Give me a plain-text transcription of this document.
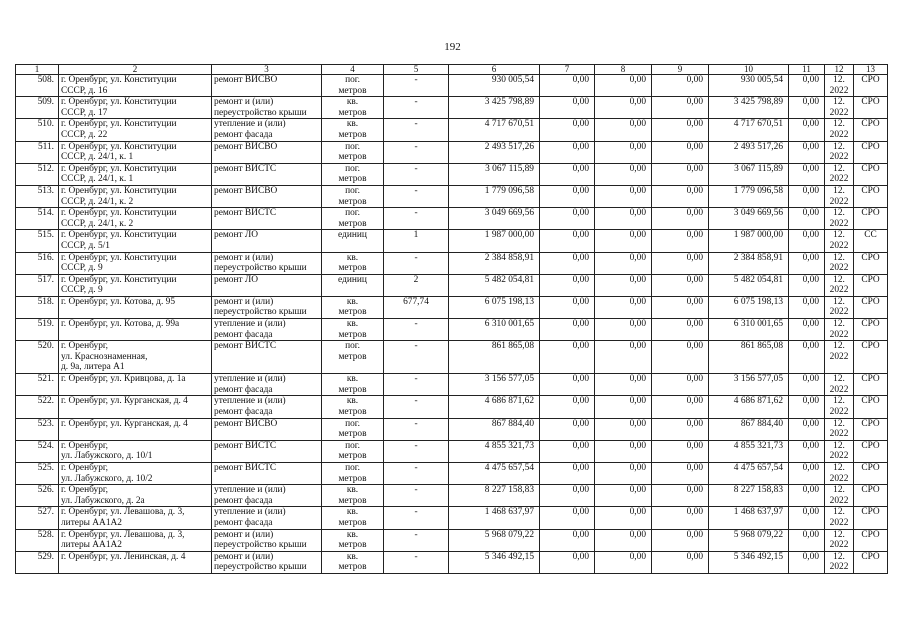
192
1	2	3	4	5	6	7	8	9	10	11	12	13
508.	г. Оренбург, ул. Конституции
СССР, д. 16	ремонт ВИСВО	пог.
метров	-	930 005,54	0,00	0,00	0,00	930 005,54	0,00	12.
2022	СРО
509.	г. Оренбург, ул. Конституции
СССР, д. 17	ремонт и (или)
переустройство крыши	кв.
метров	-	3 425 798,89	0,00	0,00	0,00	3 425 798,89	0,00	12.
2022	СРО
510.	г. Оренбург, ул. Конституции
СССР, д. 22	утепление и (или)
ремонт фасада	кв.
метров	-	4 717 670,51	0,00	0,00	0,00	4 717 670,51	0,00	12.
2022	СРО
511.	г. Оренбург, ул. Конституции
СССР, д. 24/1, к. 1	ремонт ВИСВО	пог.
метров	-	2 493 517,26	0,00	0,00	0,00	2 493 517,26	0,00	12.
2022	СРО
512.	г. Оренбург, ул. Конституции
СССР, д. 24/1, к. 1	ремонт ВИСТС	пог.
метров	-	3 067 115,89	0,00	0,00	0,00	3 067 115,89	0,00	12.
2022	СРО
513.	г. Оренбург, ул. Конституции
СССР, д. 24/1, к. 2	ремонт ВИСВО	пог.
метров	-	1 779 096,58	0,00	0,00	0,00	1 779 096,58	0,00	12.
2022	СРО
514.	г. Оренбург, ул. Конституции
СССР, д. 24/1, к. 2	ремонт ВИСТС	пог.
метров	-	3 049 669,56	0,00	0,00	0,00	3 049 669,56	0,00	12.
2022	СРО
515.	г. Оренбург, ул. Конституции
СССР, д. 5/1	ремонт ЛО	единиц	1	1 987 000,00	0,00	0,00	0,00	1 987 000,00	0,00	12.
2022	СС
516.	г. Оренбург, ул. Конституции
СССР, д. 9	ремонт и (или)
переустройство крыши	кв.
метров	-	2 384 858,91	0,00	0,00	0,00	2 384 858,91	0,00	12.
2022	СРО
517.	г. Оренбург, ул. Конституции
СССР, д. 9	ремонт ЛО	единиц	2	5 482 054,81	0,00	0,00	0,00	5 482 054,81	0,00	12.
2022	СРО
518.	г. Оренбург, ул. Котова, д. 95	ремонт и (или)
переустройство крыши	кв.
метров	677,74	6 075 198,13	0,00	0,00	0,00	6 075 198,13	0,00	12.
2022	СРО
519.	г. Оренбург, ул. Котова, д. 99а	утепление и (или)
ремонт фасада	кв.
метров	-	6 310 001,65	0,00	0,00	0,00	6 310 001,65	0,00	12.
2022	СРО
520.	г. Оренбург,
ул. Краснознаменная,
д. 9а, литера А1	ремонт ВИСТС	пог.
метров	-	861 865,08	0,00	0,00	0,00	861 865,08	0,00	12.
2022	СРО
521.	г. Оренбург, ул. Кривцова, д. 1а	утепление и (или)
ремонт фасада	кв.
метров	-	3 156 577,05	0,00	0,00	0,00	3 156 577,05	0,00	12.
2022	СРО
522.	г. Оренбург, ул. Курганская, д. 4	утепление и (или)
ремонт фасада	кв.
метров	-	4 686 871,62	0,00	0,00	0,00	4 686 871,62	0,00	12.
2022	СРО
523.	г. Оренбург, ул. Курганская, д. 4	ремонт ВИСВО	пог.
метров	-	867 884,40	0,00	0,00	0,00	867 884,40	0,00	12.
2022	СРО
524.	г. Оренбург,
ул. Лабужского, д. 10/1	ремонт ВИСТС	пог.
метров	-	4 855 321,73	0,00	0,00	0,00	4 855 321,73	0,00	12.
2022	СРО
525.	г. Оренбург,
ул. Лабужского, д. 10/2	ремонт ВИСТС	пог.
метров	-	4 475 657,54	0,00	0,00	0,00	4 475 657,54	0,00	12.
2022	СРО
526.	г. Оренбург,
ул. Лабужского, д. 2а	утепление и (или)
ремонт фасада	кв.
метров	-	8 227 158,83	0,00	0,00	0,00	8 227 158,83	0,00	12.
2022	СРО
527.	г. Оренбург, ул. Левашова, д. 3,
литеры АА1А2	утепление и (или)
ремонт фасада	кв.
метров	-	1 468 637,97	0,00	0,00	0,00	1 468 637,97	0,00	12.
2022	СРО
528.	г. Оренбург, ул. Левашова, д. 3,
литеры АА1А2	ремонт и (или)
переустройство крыши	кв.
метров	-	5 968 079,22	0,00	0,00	0,00	5 968 079,22	0,00	12.
2022	СРО
529.	г. Оренбург, ул. Ленинская, д. 4	ремонт и (или)
переустройство крыши	кв.
метров	-	5 346 492,15	0,00	0,00	0,00	5 346 492,15	0,00	12.
2022	СРО
